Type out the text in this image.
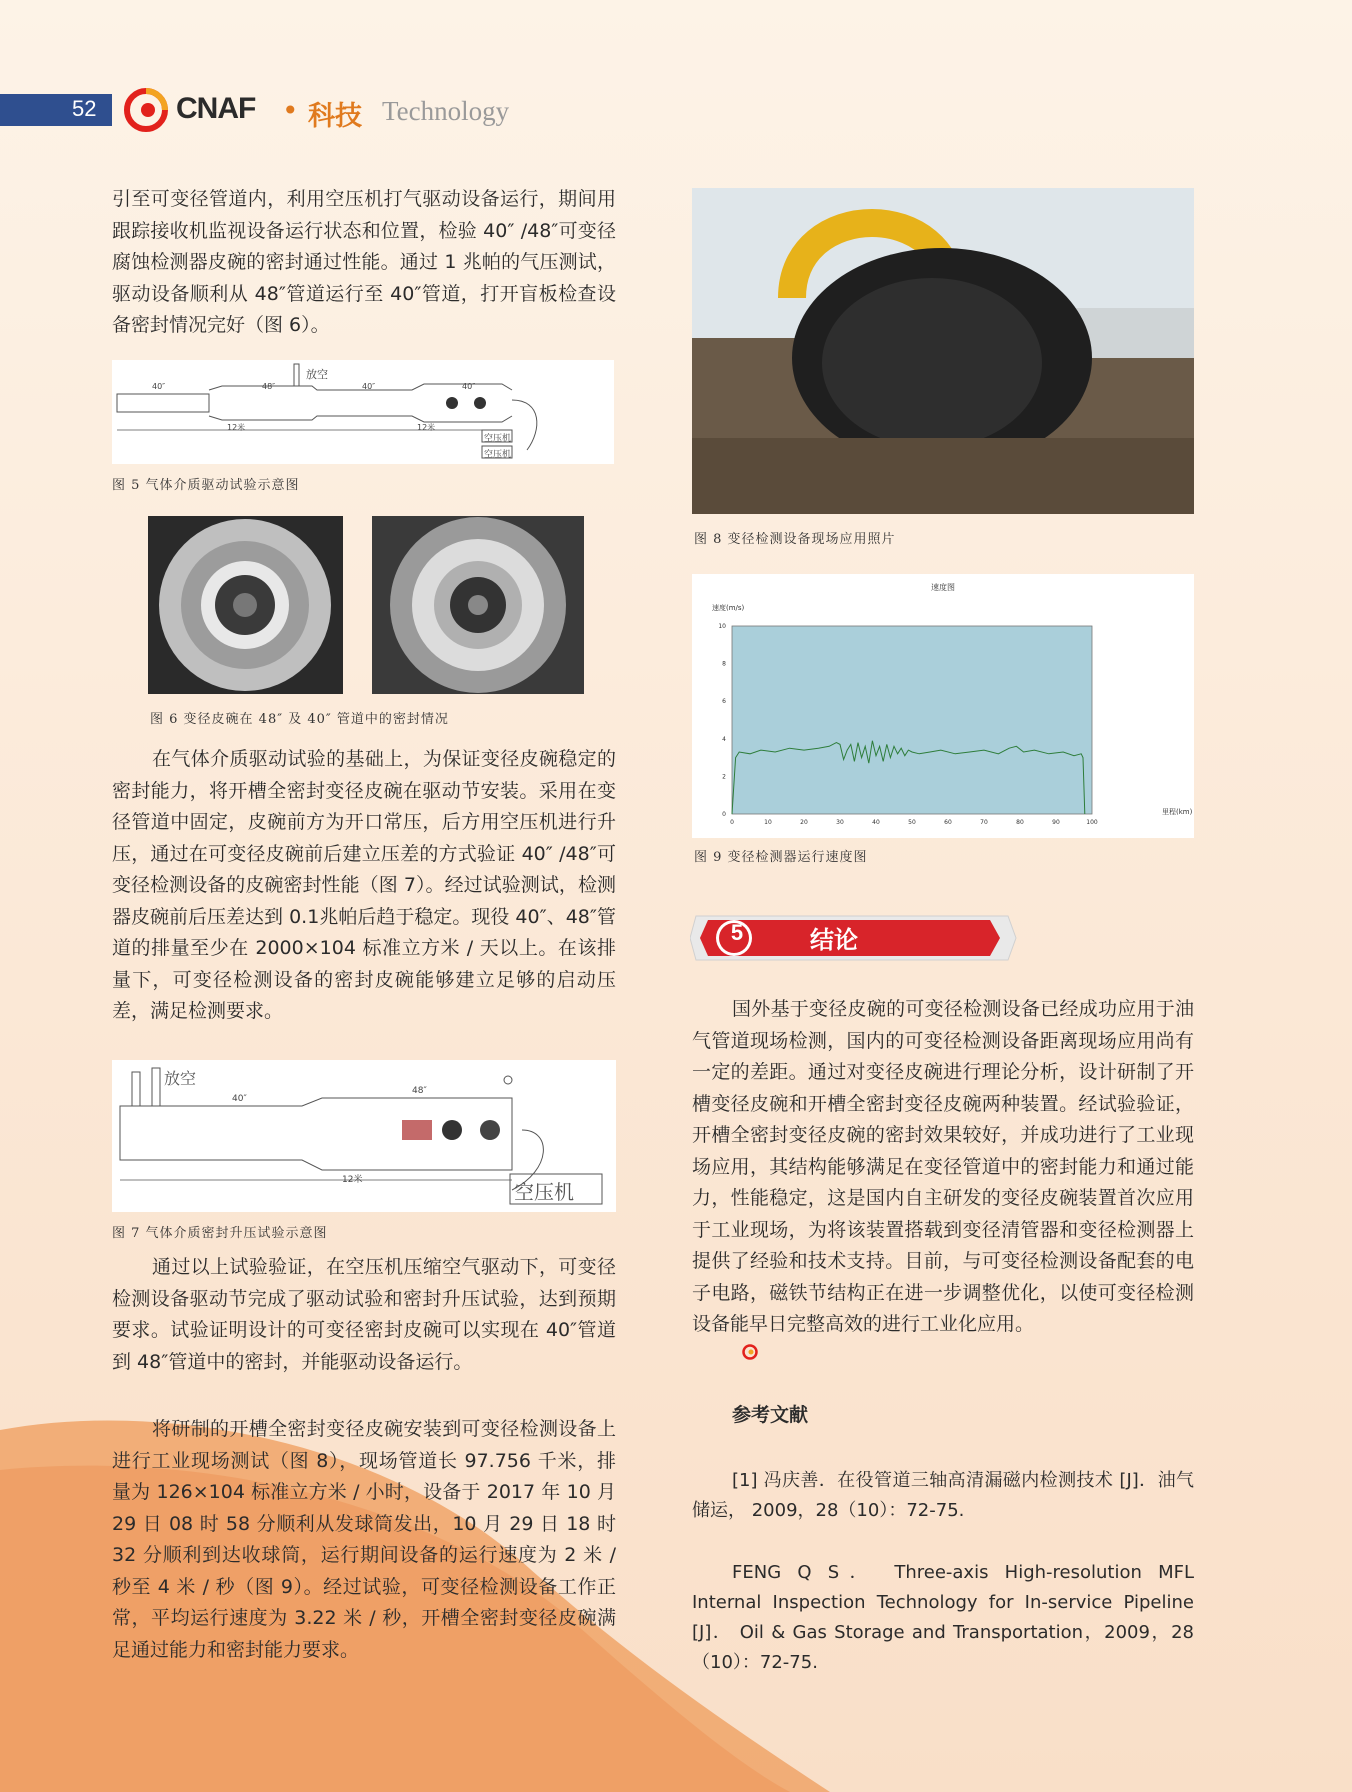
52	CNAF • 科技 Technology

引至可变径管道内，利用空压机打气驱动设备运行，期间用跟踪接收机监视设备运行状态和位置，检验 40″ /48″可变径腐蚀检测器皮碗的密封通过性能。通过 1 兆帕的气压测试，驱动设备顺利从 48″管道运行至 40″管道，打开盲板检查设备密封情况完好（图 6）。

放空
40″	48″	40″	40″
12米	12米
空压机
空压机
图 5 气体介质驱动试验示意图
图 6 变径皮碗在 48″ 及 40″ 管道中的密封情况

在气体介质驱动试验的基础上，为保证变径皮碗稳定的密封能力，将开槽全密封变径皮碗在驱动节安装。采用在变径管道中固定，皮碗前方为开口常压，后方用空压机进行升压，通过在可变径皮碗前后建立压差的方式验证 40″ /48″可变径检测设备的皮碗密封性能（图 7）。经过试验测试，检测器皮碗前后压差达到 0.1兆帕后趋于稳定。现役 40″、48″管道的排量至少在 2000×104 标准立方米 / 天以上。在该排量下，可变径检测设备的密封皮碗能够建立足够的启动压差，满足检测要求。

放空
40″
48″
12米	空压机
图 7 气体介质密封升压试验示意图

通过以上试验验证，在空压机压缩空气驱动下，可变径检测设备驱动节完成了驱动试验和密封升压试验，达到预期要求。试验证明设计的可变径密封皮碗可以实现在 40″管道到 48″管道中的密封，并能驱动设备运行。

将研制的开槽全密封变径皮碗安装到可变径检测设备上进行工业现场测试（图 8），现场管道长 97.756 千米，排量为 126×104 标准立方米 / 小时，设备于 2017 年 10 月 29 日 08 时 58 分顺利从发球筒发出，10 月 29 日 18 时 32 分顺利到达收球筒，运行期间设备的运行速度为 2 米 / 秒至 4 米 / 秒（图 9）。经过试验，可变径检测设备工作正常，平均运行速度为 3.22 米 / 秒，开槽全密封变径皮碗满足通过能力和密封能力要求。

图 8 变径检测设备现场应用照片
速度图
速度(m/s)
里程(km)
0	10	20	30	40	50	60	70	80	90	100
0
2
4
6
8
10
图 9 变径检测器运行速度图
5	结论

国外基于变径皮碗的可变径检测设备已经成功应用于油气管道现场检测，国内的可变径检测设备距离现场应用尚有一定的差距。通过对变径皮碗进行理论分析，设计研制了开槽变径皮碗和开槽全密封变径皮碗两种装置。经试验验证，开槽全密封变径皮碗的密封效果较好，并成功进行了工业现场应用，其结构能够满足在变径管道中的密封能力和通过能力，性能稳定，这是国内自主研发的变径皮碗装置首次应用于工业现场，为将该装置搭载到变径清管器和变径检测器上提供了经验和技术支持。目前，与可变径检测设备配套的电子电路，磁铁节结构正在进一步调整优化，以使可变径检测设备能早日完整高效的进行工业化应用。

参考文献

[1] 冯庆善．在役管道三轴高清漏磁内检测技术 [J]．油气储运， 2009，28（10）：72-75.

FENG Q S． Three-axis High-resolution MFL Internal Inspection Technology for In-service Pipeline [J]． Oil & Gas Storage and Transportation，2009，28（10）：72-75.
